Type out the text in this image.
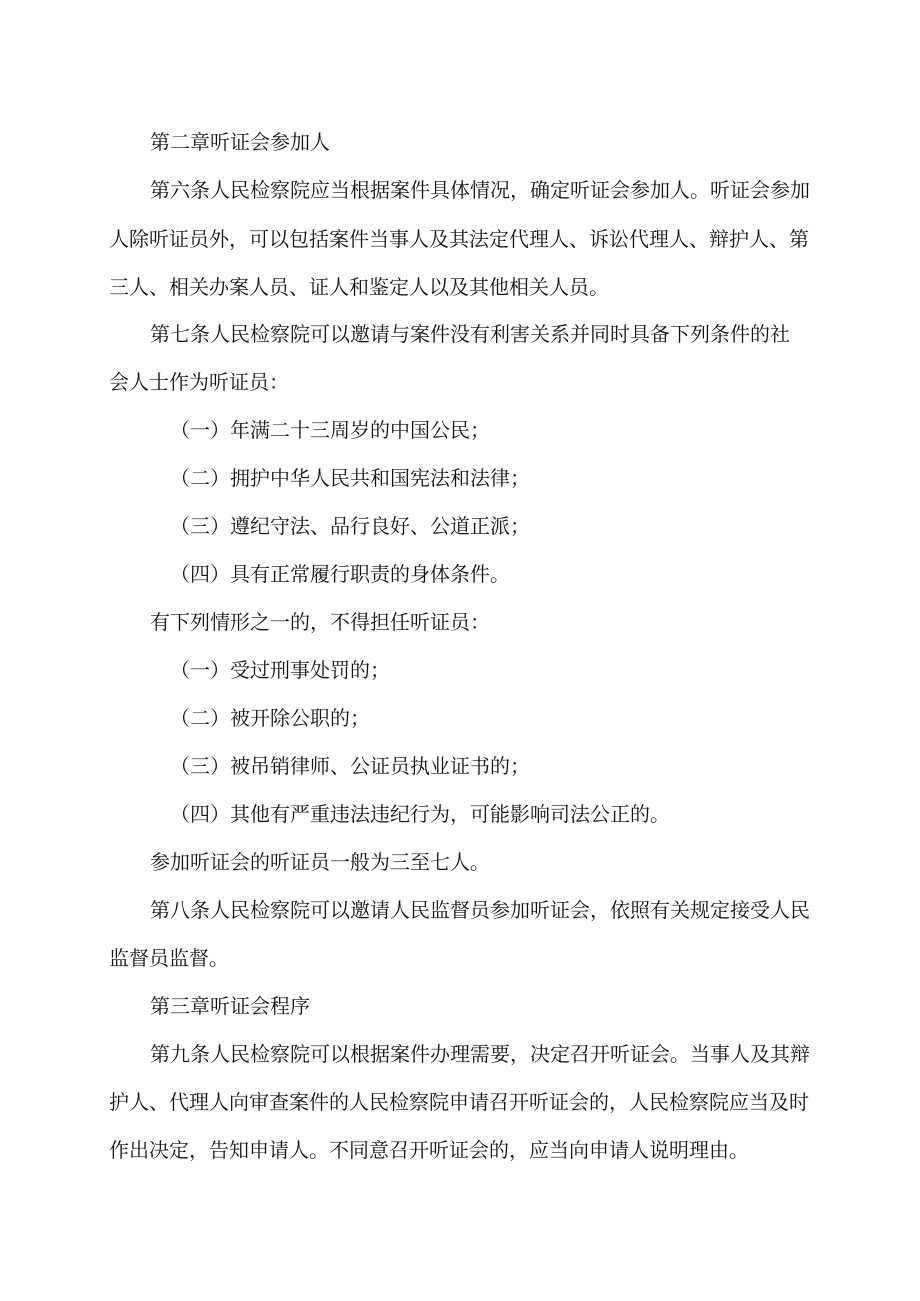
第二章听证会参加人
第六条人民检察院应当根据案件具体情况，确定听证会参加人。听证会参加
人除听证员外，可以包括案件当事人及其法定代理人、诉讼代理人、辩护人、第
三人、相关办案人员、证人和鉴定人以及其他相关人员。
第七条人民检察院可以邀请与案件没有利害关系并同时具备下列条件的社
会人士作为听证员：
（一）年满二十三周岁的中国公民；
（二）拥护中华人民共和国宪法和法律；
（三）遵纪守法、品行良好、公道正派；
（四）具有正常履行职责的身体条件。
有下列情形之一的，不得担任听证员：
（一）受过刑事处罚的；
（二）被开除公职的；
（三）被吊销律师、公证员执业证书的；
（四）其他有严重违法违纪行为，可能影响司法公正的。
参加听证会的听证员一般为三至七人。
第八条人民检察院可以邀请人民监督员参加听证会，依照有关规定接受人民
监督员监督。
第三章听证会程序
第九条人民检察院可以根据案件办理需要，决定召开听证会。当事人及其辩
护人、代理人向审查案件的人民检察院申请召开听证会的，人民检察院应当及时
作出决定，告知申请人。不同意召开听证会的，应当向申请人说明理由。
